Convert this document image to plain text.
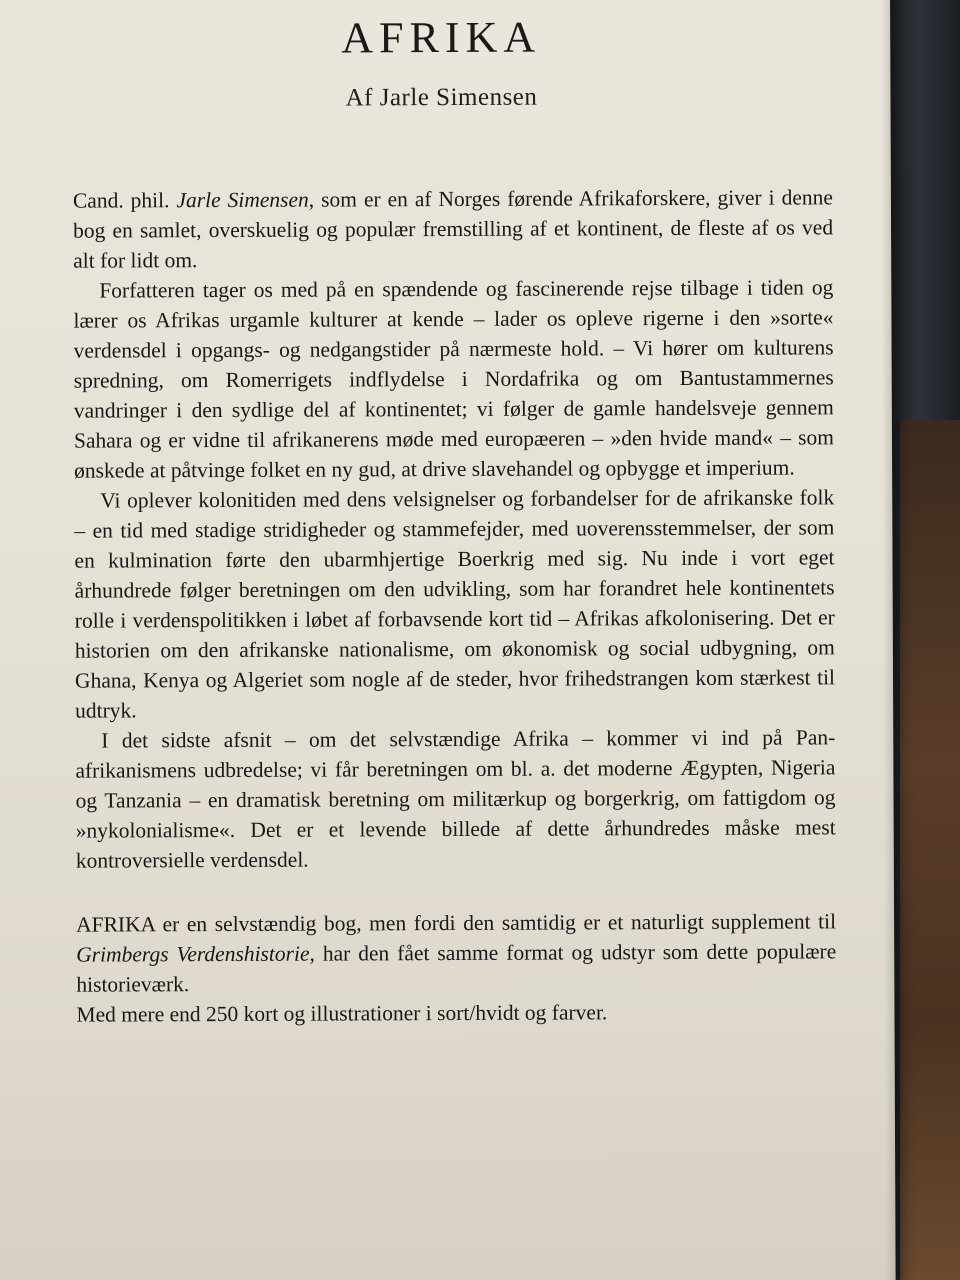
AFRIKA
Af Jarle Simensen

Cand. phil. Jarle Simensen, som er en af Norges førende Afrikaforskere, giver i denne bog en samlet, overskuelig og populær fremstilling af et kontinent, de fleste af os ved alt for lidt om.

Forfatteren tager os med på en spændende og fascinerende rejse tilbage i tiden og lærer os Afrikas urgamle kulturer at kende – lader os opleve rigerne i den »sorte« verdensdel i opgangs- og nedgangstider på nærmeste hold. – Vi hører om kulturens spredning, om Romerrigets indflydelse i Nordafrika og om Bantustammernes vandringer i den sydlige del af kontinentet; vi følger de gamle handelsveje gennem Sahara og er vidne til afrikanerens møde med europæeren – »den hvide mand« – som ønskede at påtvinge folket en ny gud, at drive slavehandel og opbygge et imperium.

Vi oplever kolonitiden med dens velsignelser og forbandelser for de afrikanske folk – en tid med stadige stridigheder og stammefejder, med uoverensstemmelser, der som en kulmination førte den ubarmhjertige Boerkrig med sig. Nu inde i vort eget århundrede følger beretningen om den udvikling, som har forandret hele kontinentets rolle i verdenspolitikken i løbet af forbavsende kort tid – Afrikas afkolonisering. Det er historien om den afrikanske nationalisme, om økonomisk og social udbygning, om Ghana, Kenya og Algeriet som nogle af de steder, hvor frihedstrangen kom stærkest til udtryk.

I det sidste afsnit – om det selvstændige Afrika – kommer vi ind på Pan-afrikanismens udbredelse; vi får beretningen om bl. a. det moderne Ægypten, Nigeria og Tanzania – en dramatisk beretning om militærkup og borgerkrig, om fattigdom og »nykolonialisme«. Det er et levende billede af dette århundredes måske mest kontroversielle verdensdel.

AFRIKA er en selvstændig bog, men fordi den samtidig er et naturligt supplement til Grimbergs Verdenshistorie, har den fået samme format og udstyr som dette populære historieværk.

Med mere end 250 kort og illustrationer i sort/hvidt og farver.
